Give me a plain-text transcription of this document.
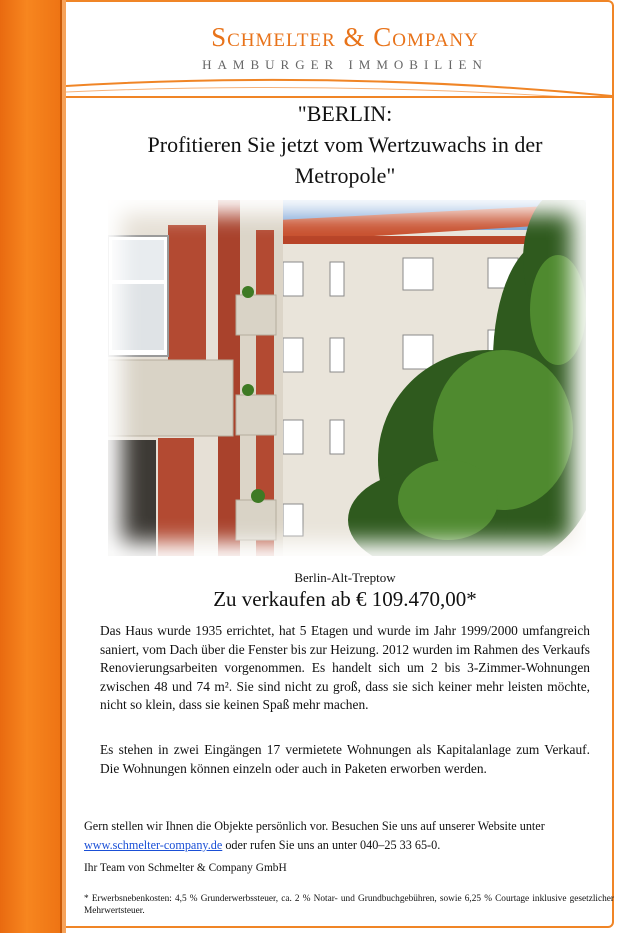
Schmelter & Company
HAMBURGER IMMOBILIEN
"BERLIN:
Profitieren Sie jetzt vom Wertzuwachs in der
Metropole"
Berlin-Alt-Treptow
Zu verkaufen ab € 109.470,00*
Das Haus wurde 1935 errichtet, hat 5 Etagen und wurde im Jahr 1999/2000 umfangreich saniert, vom Dach über die Fenster bis zur Heizung. 2012 wurden im Rahmen des Verkaufs Renovierungsarbeiten vorgenommen. Es handelt sich um 2 bis 3-Zimmer-Wohnungen zwischen 48 und 74 m². Sie sind nicht zu groß, dass sie sich keiner mehr leisten möchte, nicht so klein, dass sie keinen Spaß mehr machen.
Es stehen in zwei Eingängen 17 vermietete Wohnungen als Kapitalanlage zum Verkauf. Die Wohnungen können einzeln oder auch in Paketen erworben werden.
Gern stellen wir Ihnen die Objekte persönlich vor. Besuchen Sie uns auf unserer Website unter
www.schmelter-company.de oder rufen Sie uns an unter 040–25 33 65-0.
Ihr Team von Schmelter & Company GmbH
* Erwerbsnebenkosten: 4,5 % Grunderwerbssteuer, ca. 2 % Notar- und Grundbuchgebühren, sowie 6,25 % Courtage inklusive gesetzlicher Mehrwertsteuer.
